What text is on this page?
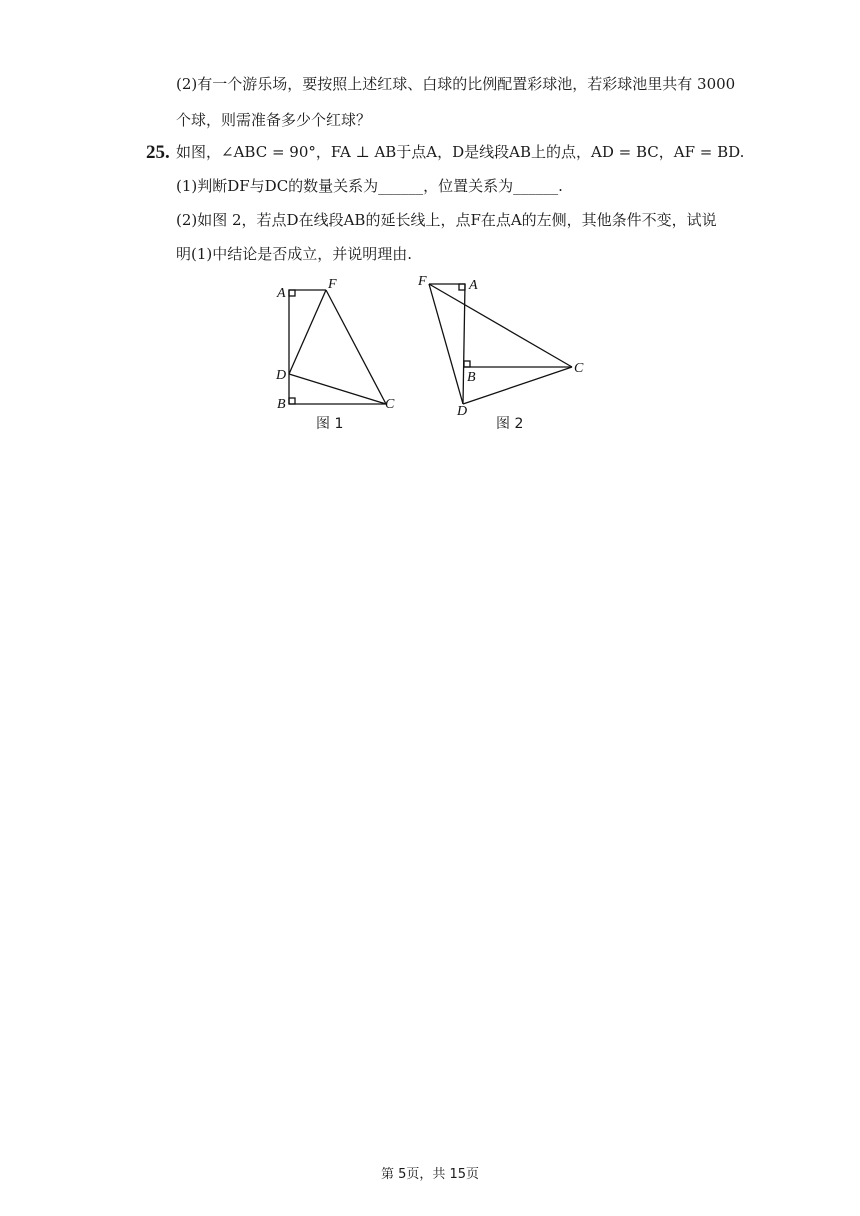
(2)有一个游乐场，要按照上述红球、白球的比例配置彩球池，若彩球池里共有 3000
个球，则需准备多少个红球？
25. 如图，∠ABC = 90°，FA ⊥ AB于点A，D是线段AB上的点，AD = BC，AF = BD.
(1)判断DF与DC的数量关系为______，位置关系为______.
(2)如图 2，若点D在线段AB的延长线上，点F在点A的左侧，其他条件不变，试说
明(1)中结论是否成立，并说明理由.
A
F
D
B	C
图 1
F	A
B
C
D
图 2
第 5页，共 15页
